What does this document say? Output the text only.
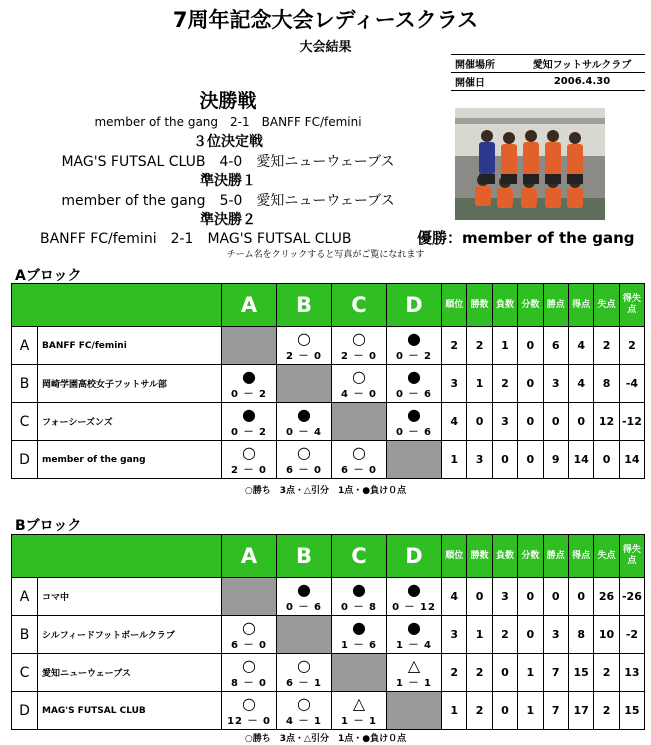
7周年記念大会レディースクラス
大会結果
開催場所	愛知フットサルクラブ
開催日	2006.4.30
決勝戦
member of the gang　2-1　BANFF FC/femini
３位決定戦
MAG'S FUTSAL CLUB　4-0　愛知ニューウェーブス
準決勝１
member of the gang　5-0　愛知ニューウェーブス
準決勝２
BANFF FC/femini　2-1　MAG'S FUTSAL CLUB	優勝：member of the gang
チーム名をクリックすると写真がご覧になれます
Aブロック
		A	B	C	D	順位	勝数	負数	分数	勝点	得点	失点	得失点
A	BANFF FC/femini		○
2 － 0	○
2 － 0	●
0 － 2	2	2	1	0	6	4	2	2
B	岡崎学園高校女子フットサル部	●
0 － 2		○
4 － 0	●
0 － 6	3	1	2	0	3	4	8	-4
C	フォーシーズンズ	●
0 － 2	●
0 － 4		●
0 － 6	4	0	3	0	0	0	12	-12
D	member of the gang	○
2 － 0	○
6 － 0	○
6 － 0		1	3	0	0	9	14	0	14
○勝ち　3点・△引分　1点・●負け０点
Bブロック
		A	B	C	D	順位	勝数	負数	分数	勝点	得点	失点	得失点
A	コマ中		●
0 － 6	●
0 － 8	●
0 － 12	4	0	3	0	0	0	26	-26
B	シルフィードフットボールクラブ	○
6 － 0		●
1 － 6	●
1 － 4	3	1	2	0	3	8	10	-2
C	愛知ニューウェーブス	○
8 － 0	○
6 － 1		△
1 － 1	2	2	0	1	7	15	2	13
D	MAG'S FUTSAL CLUB	○
12 － 0	○
4 － 1	△
1 － 1		1	2	0	1	7	17	2	15
○勝ち　3点・△引分　1点・●負け０点
